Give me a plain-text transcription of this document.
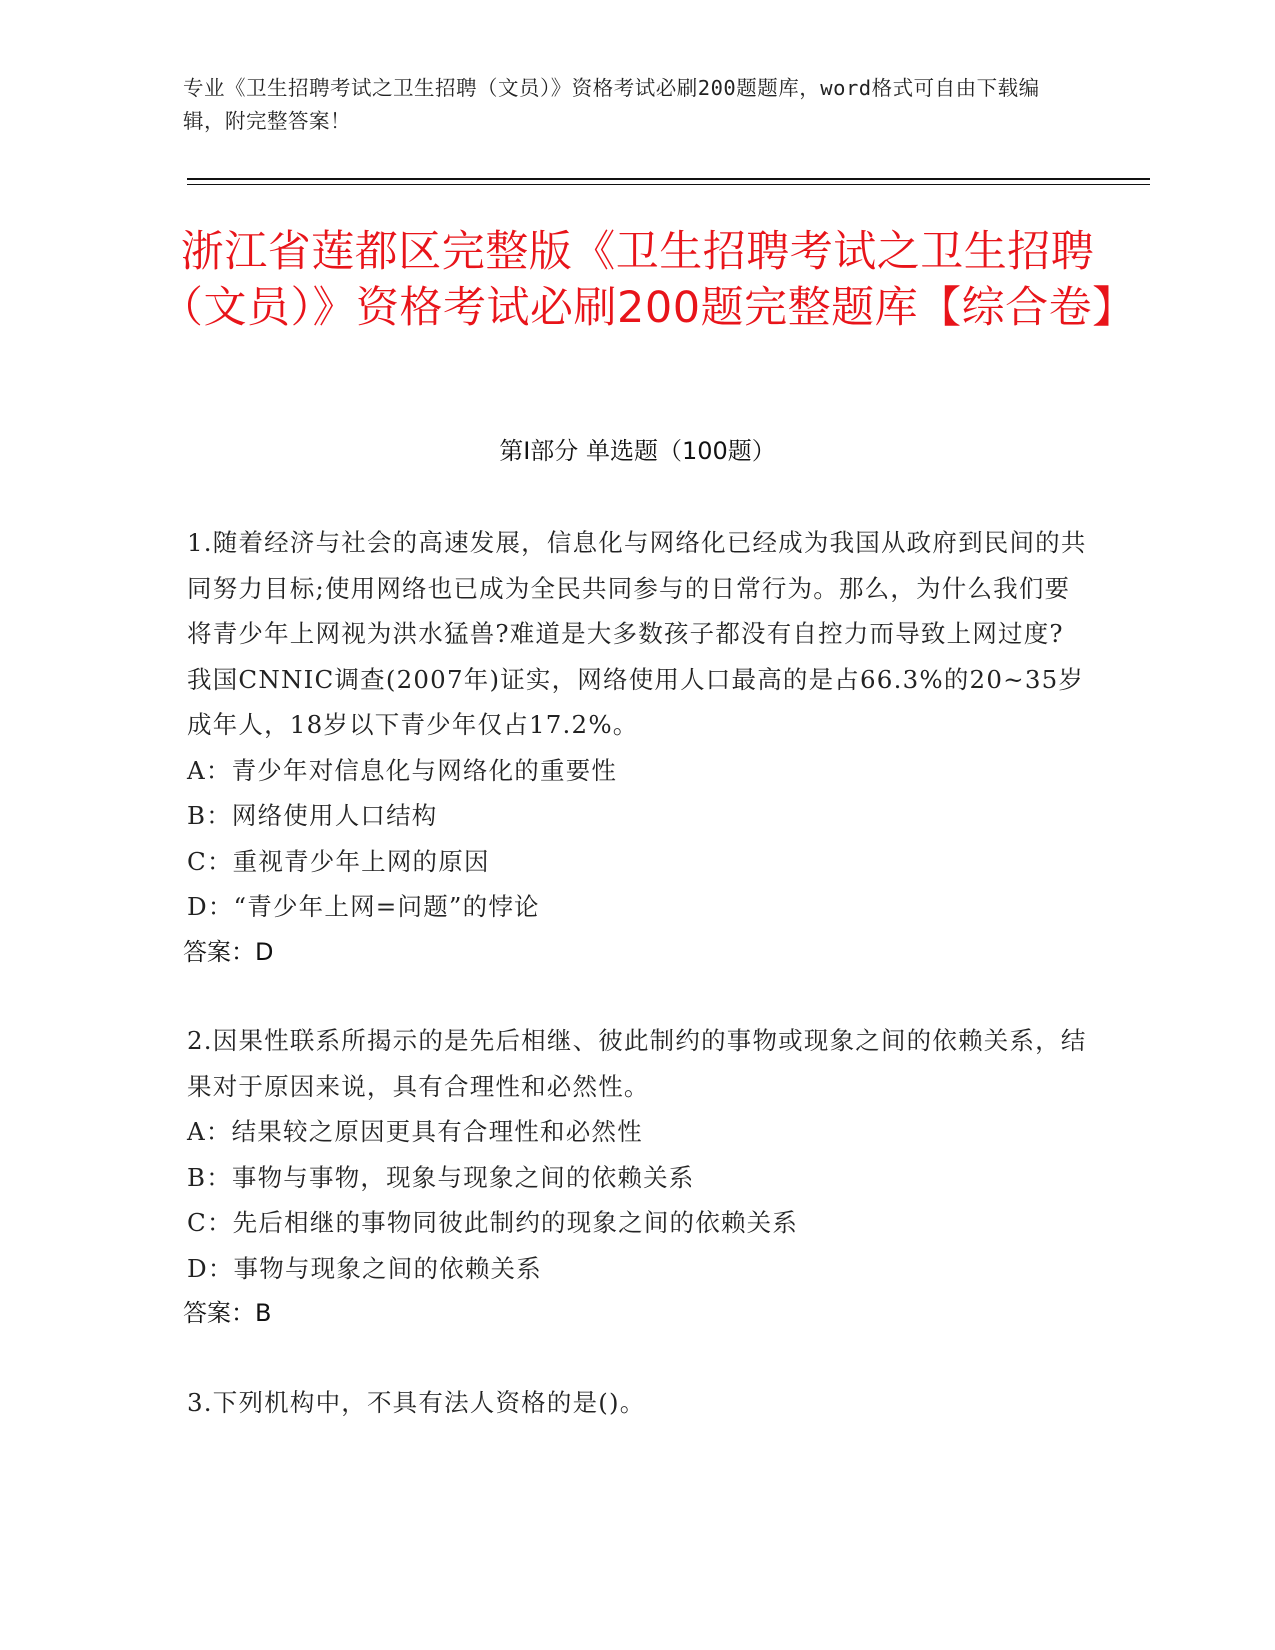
专业《卫生招聘考试之卫生招聘（文员）》资格考试必刷200题题库，word格式可自由下载编辑，附完整答案！
浙江省莲都区完整版《卫生招聘考试之卫生招聘（文员）》资格考试必刷200题完整题库【综合卷】
第I部分 单选题（100题）

1.随着经济与社会的高速发展，信息化与网络化已经成为我国从政府到民间的共同努力目标;使用网络也已成为全民共同参与的日常行为。那么，为什么我们要将青少年上网视为洪水猛兽?难道是大多数孩子都没有自控力而导致上网过度?我国CNNIC调查(2007年)证实，网络使用人口最高的是占66.3%的20~35岁成年人，18岁以下青少年仅占17.2%。

A：青少年对信息化与网络化的重要性

B：网络使用人口结构

C：重视青少年上网的原因

D：“青少年上网=问题”的悖论

答案：D

2.因果性联系所揭示的是先后相继、彼此制约的事物或现象之间的依赖关系，结果对于原因来说，具有合理性和必然性。

A：结果较之原因更具有合理性和必然性

B：事物与事物，现象与现象之间的依赖关系

C：先后相继的事物同彼此制约的现象之间的依赖关系

D：事物与现象之间的依赖关系

答案：B

3.下列机构中，不具有法人资格的是()。
